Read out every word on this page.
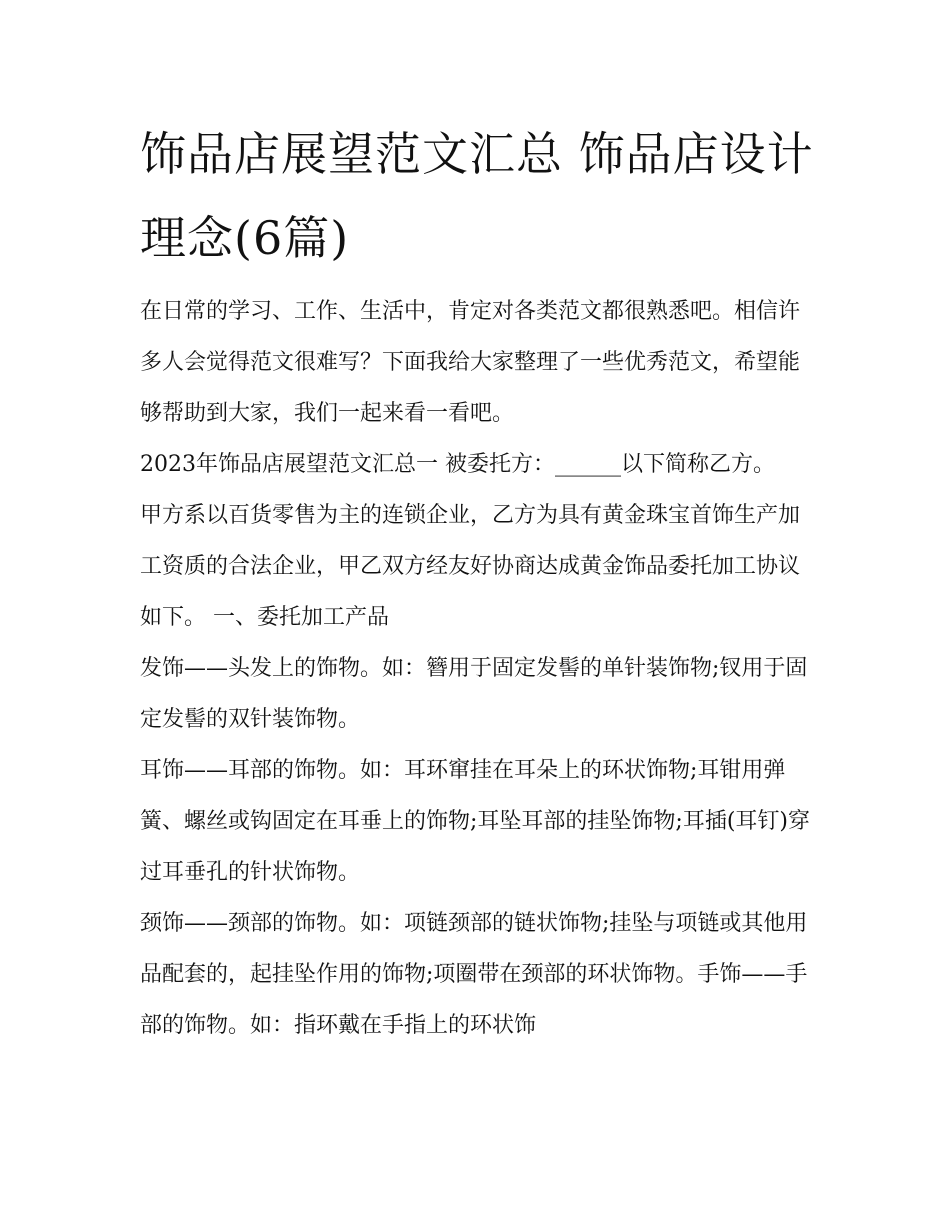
饰品店展望范文汇总 饰品店设计理念(6篇)

在日常的学习、工作、生活中，肯定对各类范文都很熟悉吧。相信许多人会觉得范文很难写？下面我给大家整理了一些优秀范文，希望能够帮助到大家，我们一起来看一看吧。

2023年饰品店展望范文汇总一 被委托方：______以下简称乙方。

甲方系以百货零售为主的连锁企业，乙方为具有黄金珠宝首饰生产加工资质的合法企业，甲乙双方经友好协商达成黄金饰品委托加工协议如下。 一、委托加工产品

发饰——头发上的饰物。如：簪用于固定发髻的单针装饰物;钗用于固定发髻的双针装饰物。

耳饰——耳部的饰物。如：耳环窜挂在耳朵上的环状饰物;耳钳用弹簧、螺丝或钩固定在耳垂上的饰物;耳坠耳部的挂坠饰物;耳插(耳钉)穿过耳垂孔的针状饰物。

颈饰——颈部的饰物。如：项链颈部的链状饰物;挂坠与项链或其他用品配套的，起挂坠作用的饰物;项圈带在颈部的环状饰物。手饰——手部的饰物。如：指环戴在手指上的环状饰
